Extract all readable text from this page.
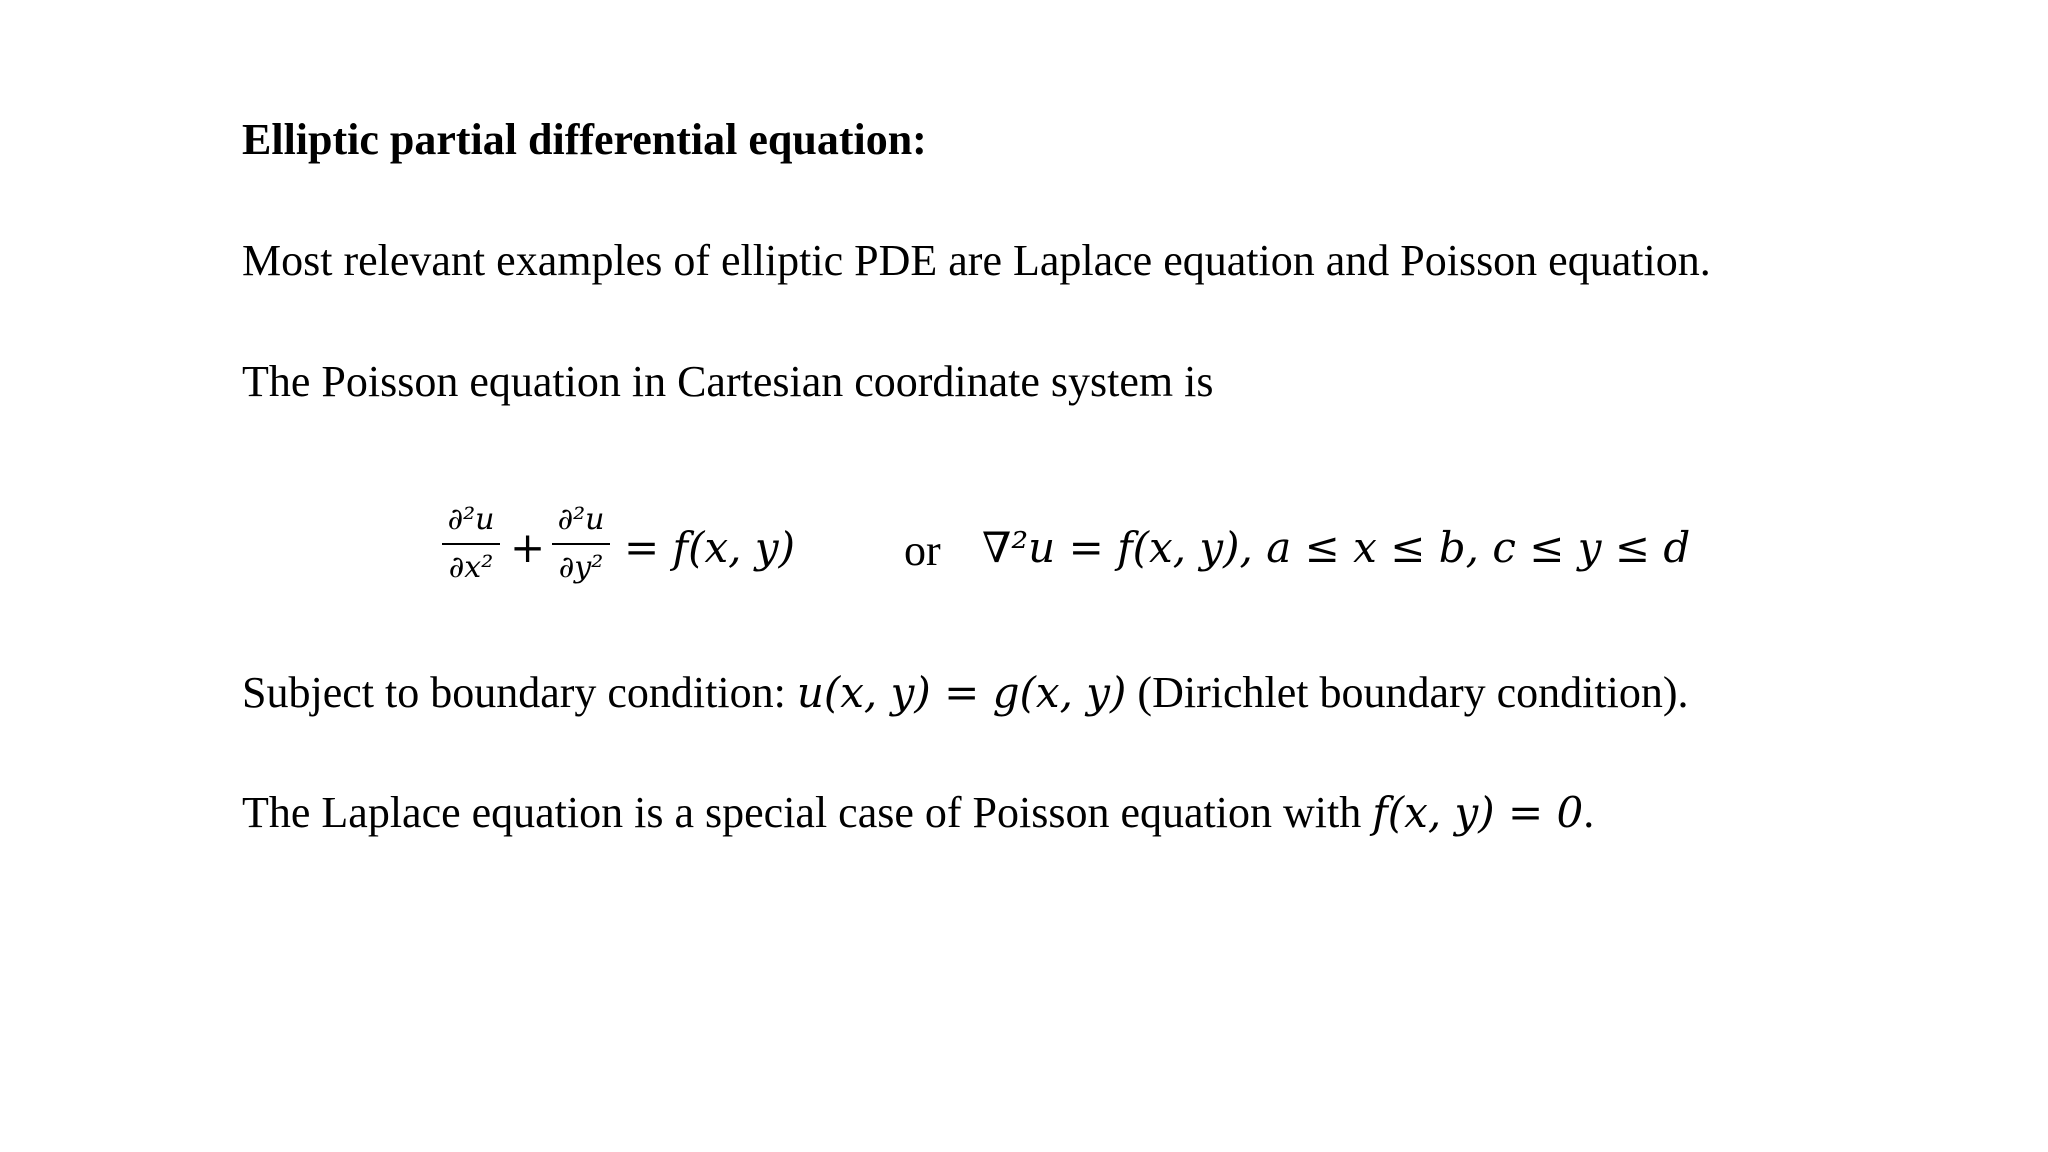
Elliptic partial differential equation:
Most relevant examples of elliptic PDE are Laplace equation and Poisson equation.
The Poisson equation in Cartesian coordinate system is
∂²u
∂x² +
∂²u
∂y² = f(x, y) or ∇²u = f(x, y), a ≤ x ≤ b, c ≤ y ≤ d
Subject to boundary condition: u(x, y) = g(x, y) (Dirichlet boundary condition).
The Laplace equation is a special case of Poisson equation with f(x, y) = 0.
